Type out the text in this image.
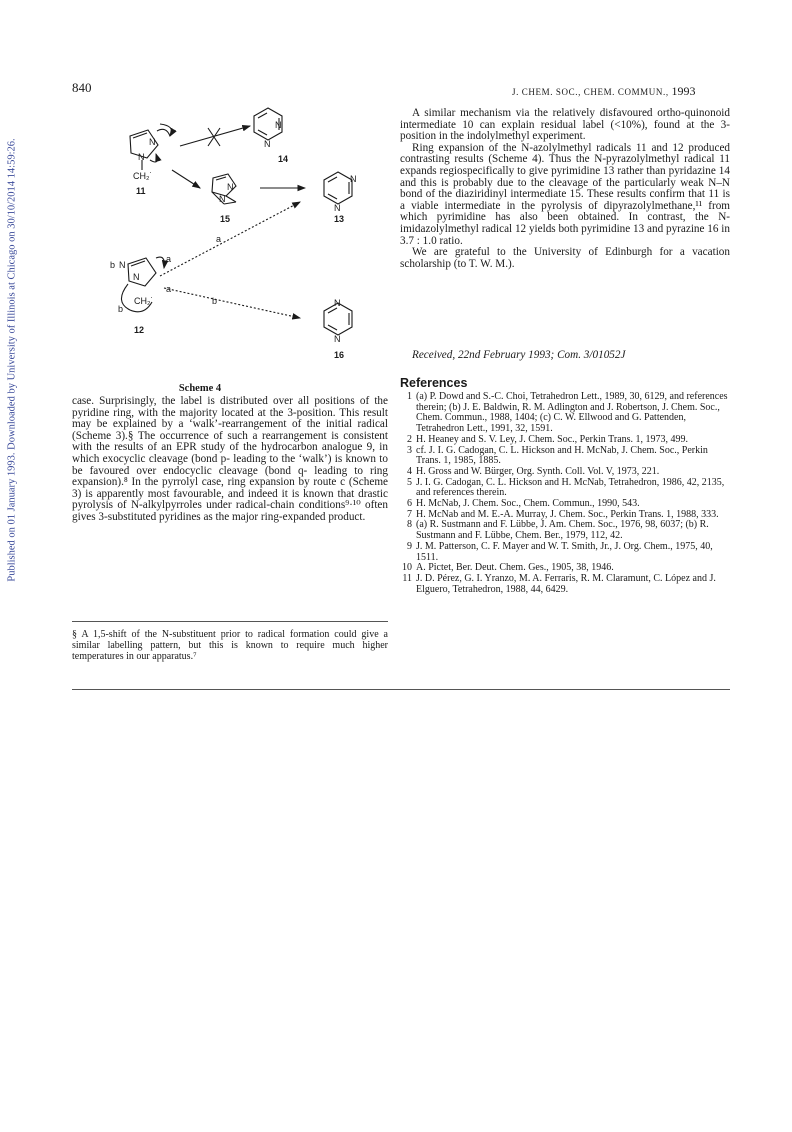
Published on 01 January 1993. Downloaded by University of Illinois at Chicago on 30/10/2014 14:59:26.
840	J. CHEM. SOC., CHEM. COMMUN., 1993
N
N
CH₂˙
11
N
N
14
N
N
15
N
N
13
b N
a
N
a
CH₂˙
b
12
a
b	N
N
16
Scheme 4

case. Surprisingly, the label is distributed over all positions of the pyridine ring, with the majority located at the 3-position. This result may be explained by a ‘walk’-rearrangement of the initial radical (Scheme 3).§ The occurrence of such a rearrangement is consistent with the results of an EPR study of the hydrocarbon analogue 9, in which exocyclic cleavage (bond p- leading to the ‘walk’) is known to be favoured over endocyclic cleavage (bond q- leading to ring expansion).⁸ In the pyrrolyl case, ring expansion by route c (Scheme 3) is apparently most favourable, and indeed it is known that drastic pyrolysis of N-alkylpyrroles under radical-chain conditions⁹·¹⁰ often gives 3-substituted pyridines as the major ring-expanded product.

§ A 1,5-shift of the N-substituent prior to radical formation could give a similar labelling pattern, but this is known to require much higher temperatures in our apparatus.⁷

A similar mechanism via the relatively disfavoured ortho-quinonoid intermediate 10 can explain residual label (<10%), found at the 3-position in the indolylmethyl experiment.

Ring expansion of the N-azolylmethyl radicals 11 and 12 produced contrasting results (Scheme 4). Thus the N-pyrazolylmethyl radical 11 expands regiospecifically to give pyrimidine 13 rather than pyridazine 14 and this is probably due to the cleavage of the particularly weak N–N bond of the diaziridinyl intermediate 15. These results confirm that 11 is a viable intermediate in the pyrolysis of dipyrazolylmethane,¹¹ from which pyrimidine has also been obtained. In contrast, the N-imidazolylmethyl radical 12 yields both pyrimidine 13 and pyrazine 16 in 3.7 : 1.0 ratio.

We are grateful to the University of Edinburgh for a vacation scholarship (to T. W. M.).

Received, 22nd February 1993; Com. 3/01052J
References
1 (a) P. Dowd and S.-C. Choi, Tetrahedron Lett., 1989, 30, 6129, and references therein; (b) J. E. Baldwin, R. M. Adlington and J. Robertson, J. Chem. Soc., Chem. Commun., 1988, 1404; (c) C. W. Ellwood and G. Pattenden, Tetrahedron Lett., 1991, 32, 1591.
2 H. Heaney and S. V. Ley, J. Chem. Soc., Perkin Trans. 1, 1973, 499.
3 cf. J. I. G. Cadogan, C. L. Hickson and H. McNab, J. Chem. Soc., Perkin Trans. 1, 1985, 1885.
4 H. Gross and W. Bürger, Org. Synth. Coll. Vol. V, 1973, 221.
5 J. I. G. Cadogan, C. L. Hickson and H. McNab, Tetrahedron, 1986, 42, 2135, and references therein.
6 H. McNab, J. Chem. Soc., Chem. Commun., 1990, 543.
7 H. McNab and M. E.-A. Murray, J. Chem. Soc., Perkin Trans. 1, 1988, 333.
8 (a) R. Sustmann and F. Lübbe, J. Am. Chem. Soc., 1976, 98, 6037; (b) R. Sustmann and F. Lübbe, Chem. Ber., 1979, 112, 42.
9 J. M. Patterson, C. F. Mayer and W. T. Smith, Jr., J. Org. Chem., 1975, 40, 1511.
10 A. Pictet, Ber. Deut. Chem. Ges., 1905, 38, 1946.
11 J. D. Pérez, G. I. Yranzo, M. A. Ferraris, R. M. Claramunt, C. López and J. Elguero, Tetrahedron, 1988, 44, 6429.
